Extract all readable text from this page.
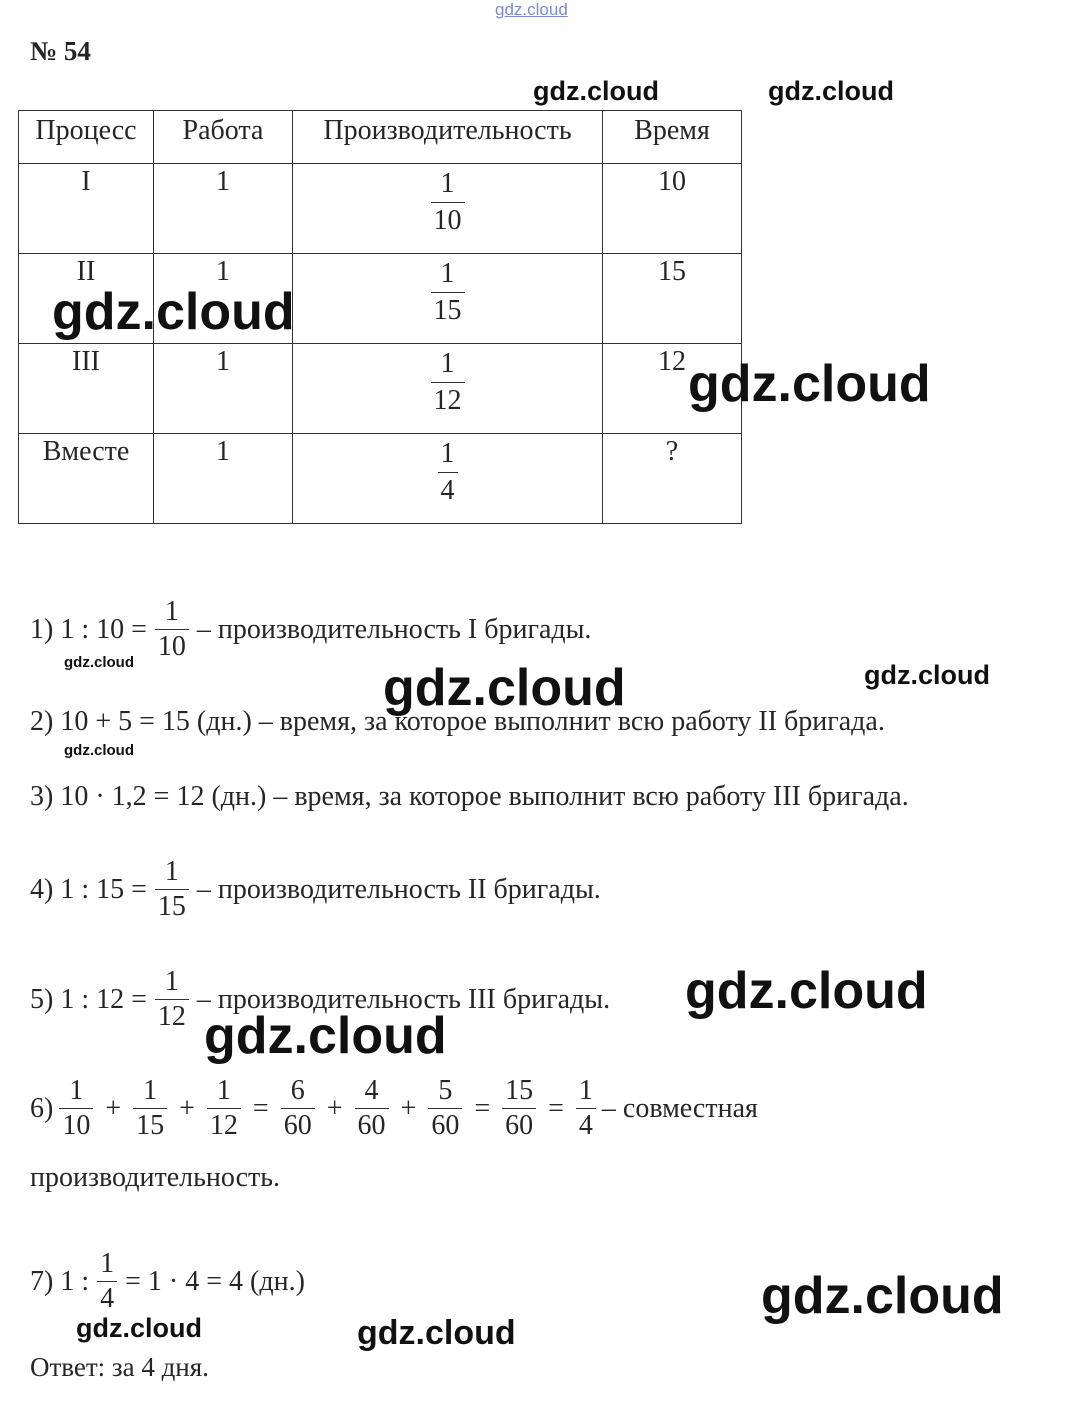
gdz.cloud
№ 54
Процесс	Работа	Производительность	Время
I	1	$\frac{1}{10}$	10
II	1	$\frac{1}{15}$	15
III	1	$\frac{1}{12}$	12
Вместе	1	$\frac{1}{4}$	?
1) 1 : $10 = \frac{1}{10}$ – производительность I бригады.
2) 10 + 5 = 15 (дн.) – время, за которое выполнит всю работу II бригада.
3) 10 · 1,2 = 12 (дн.) – время, за которое выполнит всю работу III бригада.
4) 1 : $15 = \frac{1}{15}$ – производительность II бригады.
5) 1 : $12 = \frac{1}{12}$ – производительность III бригады.
$6) \frac{1}{10} + \frac{1}{15} + \frac{1}{12} = \frac{6}{60} + \frac{4}{60} + \frac{5}{60} = \frac{15}{60} = \frac{1}{4}$ – совместная
производительность.
7) 1 : $\frac{1}{4} = 1 \cdot 4 = 4$ (дн.)
Ответ: за 4 дня.
gdz.cloud	gdz.cloud
gdz.cloud
gdz.cloud
gdz.cloud	gdz.cloud	gdz.cloud
gdz.cloud
gdz.cloud
gdz.cloud
gdz.cloud
gdz.cloud	gdz.cloud
